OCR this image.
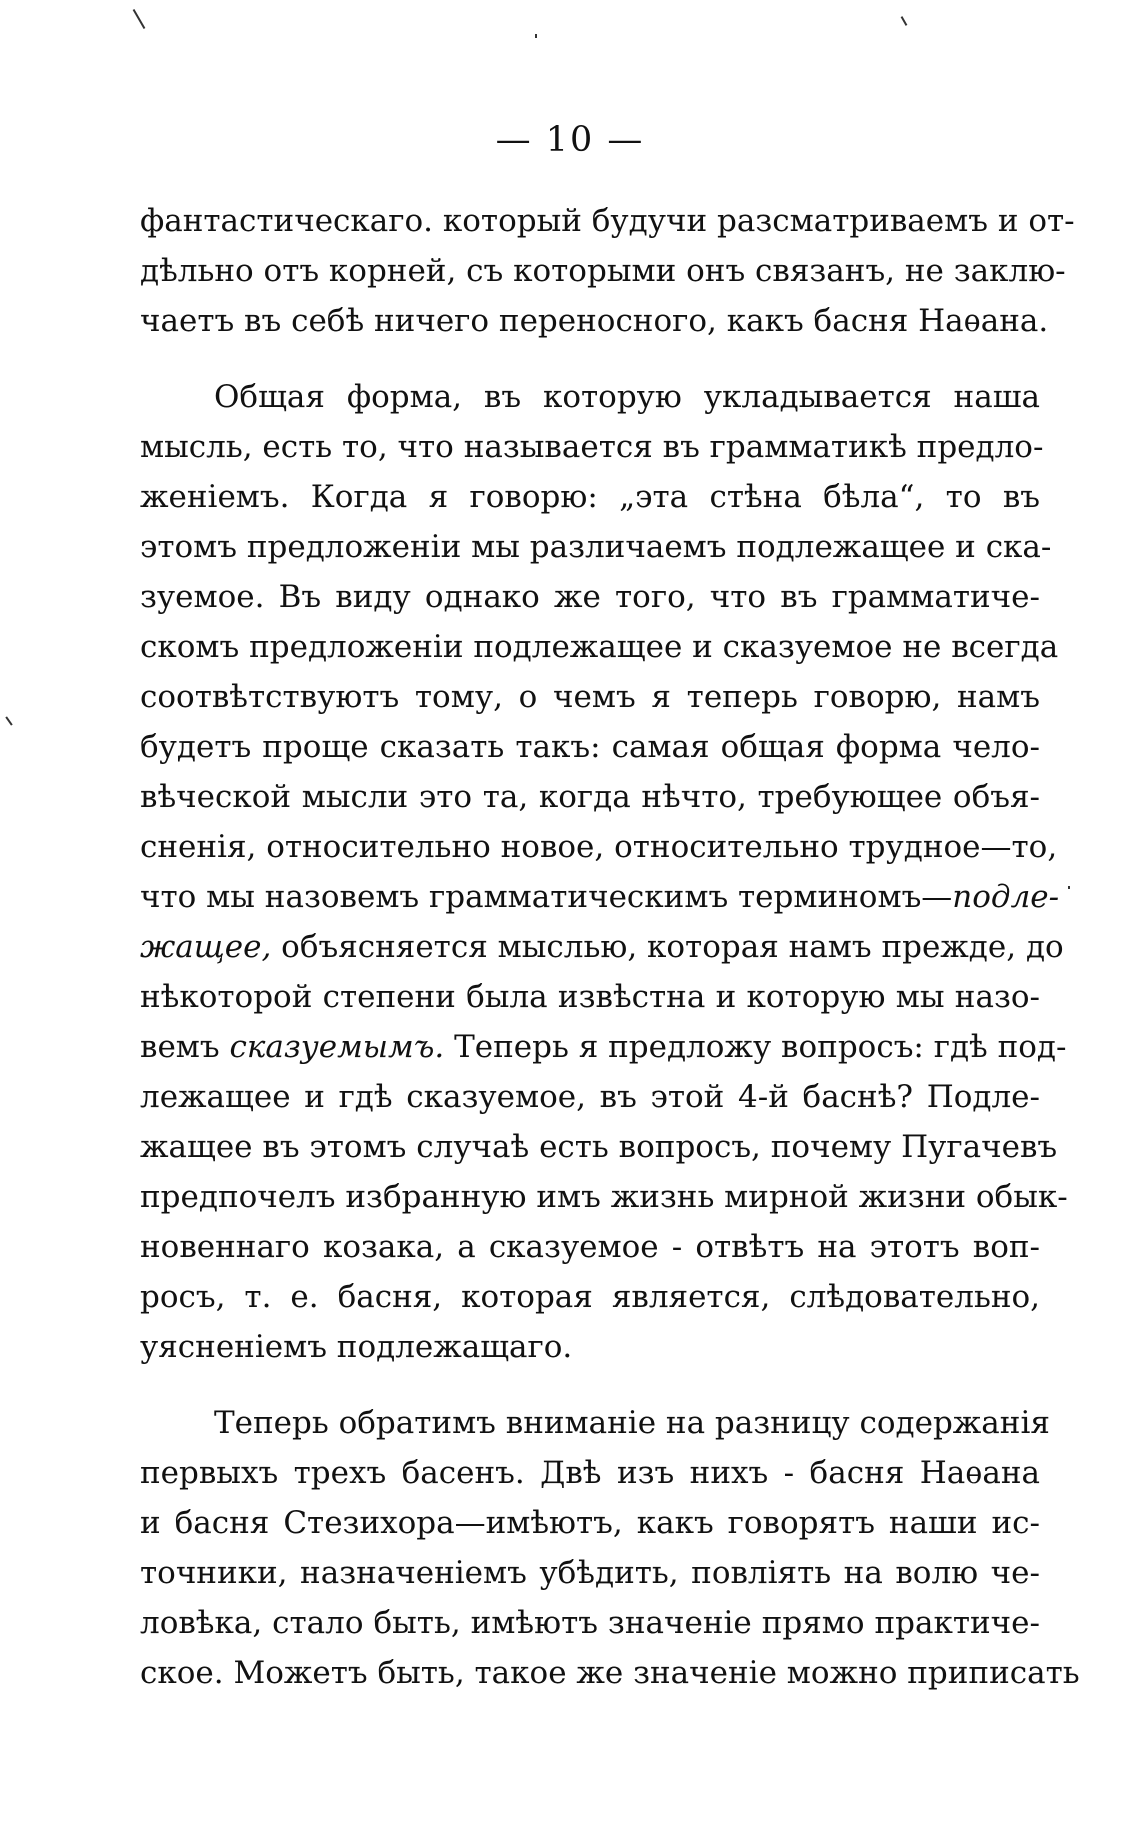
— 10 —
фантастическаго. который будучи разсматриваемъ и от-
дѣльно отъ корней, съ которыми онъ связанъ, не заклю-
чаетъ въ себѣ ничего переносного, какъ басня Наѳана.
Общая форма, въ которую укладывается наша
мысль, есть то, что называется въ грамматикѣ предло-
женіемъ. Когда я говорю: „эта стѣна бѣла“, то въ
этомъ предложеніи мы различаемъ подлежащее и ска-
зуемое. Въ виду однако же того, что въ грамматиче-
скомъ предложеніи подлежащее и сказуемое не всегда
соотвѣтствуютъ тому, о чемъ я теперь говорю, намъ
будетъ проще сказать такъ: самая общая форма чело-
вѣческой мысли это та, когда нѣчто, требующее объя-
сненія, относительно новое, относительно трудное—то,
что мы назовемъ грамматическимъ терминомъ—подле-
жащее, объясняется мыслью, которая намъ прежде, до
нѣкоторой степени была извѣстна и которую мы назо-
вемъ сказуемымъ. Теперь я предложу вопросъ: гдѣ под-
лежащее и гдѣ сказуемое, въ этой 4-й баснѣ? Подле-
жащее въ этомъ случаѣ есть вопросъ, почему Пугачевъ
предпочелъ избранную имъ жизнь мирной жизни обык-
новеннаго козака, а сказуемое - отвѣтъ на этотъ воп-
росъ, т. е. басня, которая является, слѣдовательно,
уясненіемъ подлежащаго.
Теперь обратимъ вниманіе на разницу содержанія
первыхъ трехъ басенъ. Двѣ изъ нихъ - басня Наѳана
и басня Стезихора—имѣютъ, какъ говорятъ наши ис-
точники, назначеніемъ убѣдить, повліять на волю че-
ловѣка, стало быть, имѣютъ значеніе прямо практиче-
ское. Можетъ быть, такое же значеніе можно приписать
